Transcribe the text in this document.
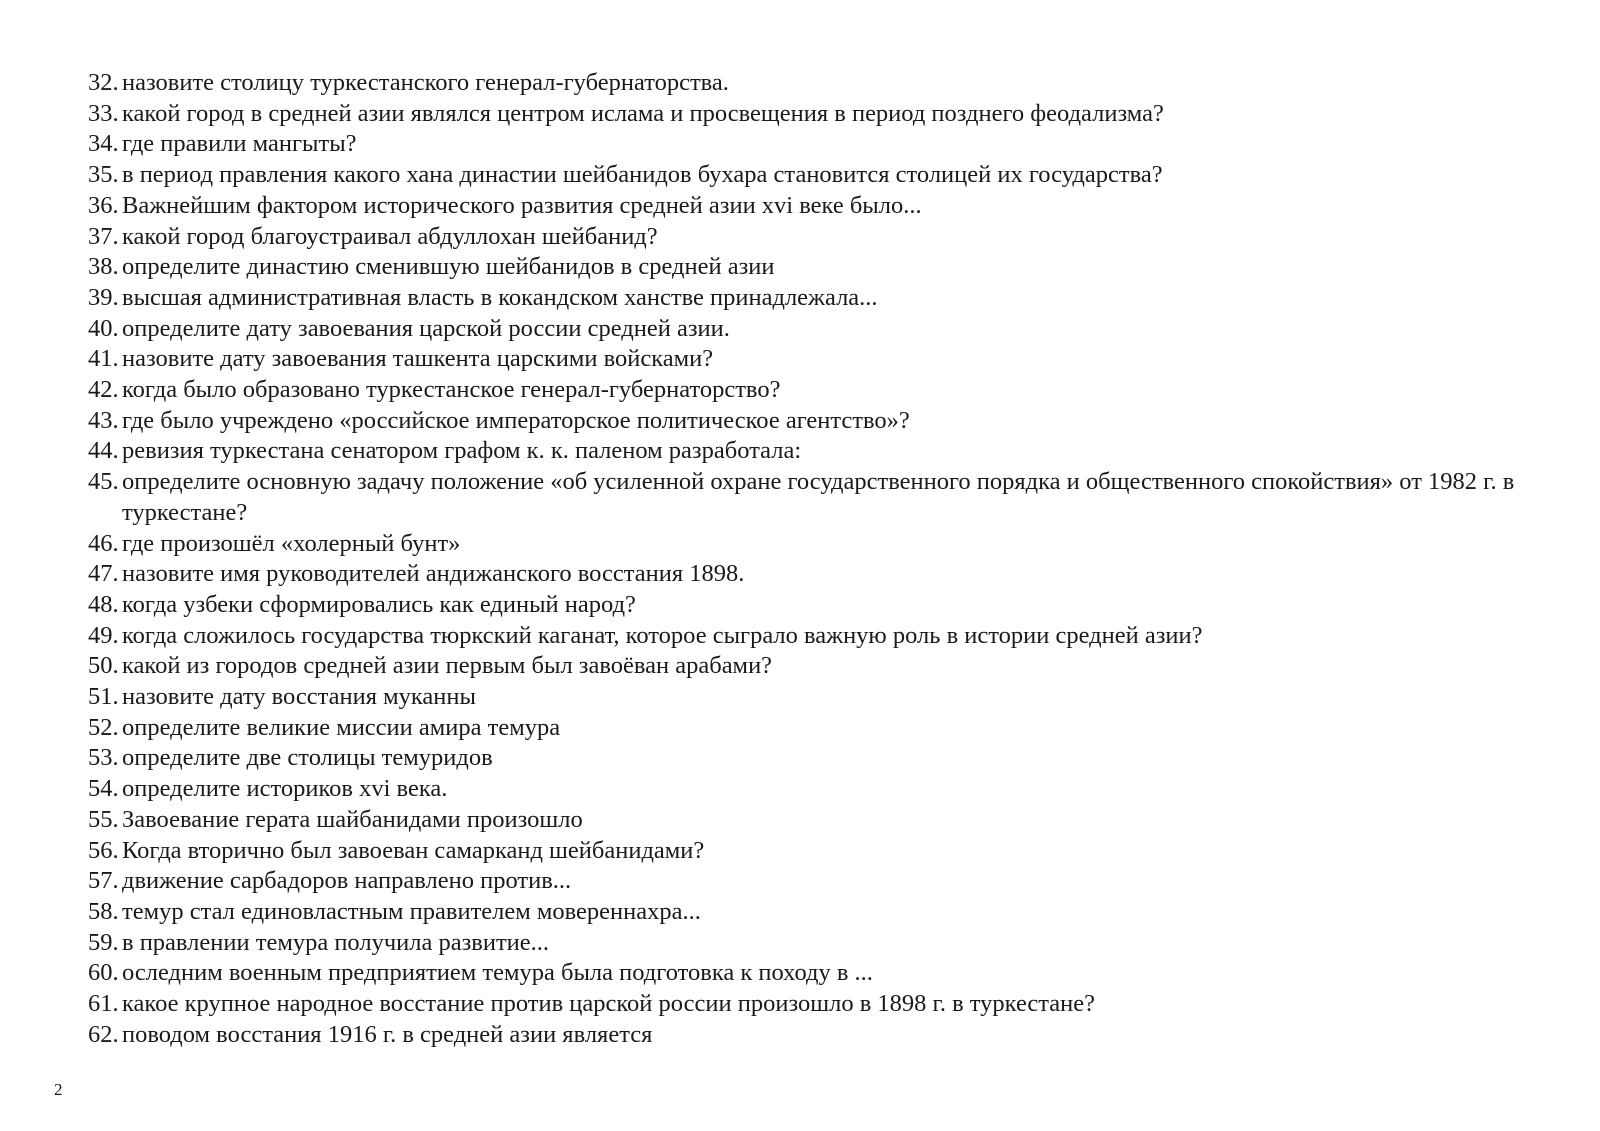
32. назовите столицу туркестанского генерал-губернаторства.
33. какой город в средней азии являлся центром ислама и просвещения в период позднего феодализма?
34. где правили мангыты?
35. в период правления какого хана династии шейбанидов бухара становится столицей их государства?
36. Важнейшим фактором исторического развития средней азии xvi веке было...
37. какой город благоустраивал абдуллохан шейбанид?
38. определите династию сменившую шейбанидов в средней азии
39. высшая административная власть в кокандском ханстве принадлежала...
40. определите дату завоевания царской россии средней азии.
41. назовите дату завоевания ташкента царскими войсками?
42. когда было образовано туркестанское генерал-губернаторство?
43. где было учреждено «российское императорское политическое агентство»?
44. ревизия туркестана сенатором графом к. к. паленом разработала:
45. определите основную задачу положение «об усиленной охране государственного порядка и общественного спокойствия» от 1982 г. в туркестане?
46. где произошёл «холерный бунт»
47. назовите имя руководителей андижанского восстания 1898.
48. когда узбеки сформировались как единый народ?
49. когда сложилось государства тюркский каганат, которое сыграло важную роль в истории средней азии?
50. какой из городов средней азии первым был завоёван арабами?
51. назовите дату восстания муканны
52. определите великие миссии амира темура
53. определите две столицы темуридов
54. определите историков xvi века.
55. Завоевание герата шайбанидами произошло
56. Когда вторично был завоеван самарканд шейбанидами?
57. движение сарбадоров направлено против...
58. темур стал единовластным правителем мовереннахра...
59. в правлении темура получила развитие...
60. оследним военным предприятием темура была подготовка к походу в ...
61. какое крупное народное восстание против царской россии произошло в 1898 г. в туркестане?
62. поводом восстания 1916 г. в средней азии является
2
